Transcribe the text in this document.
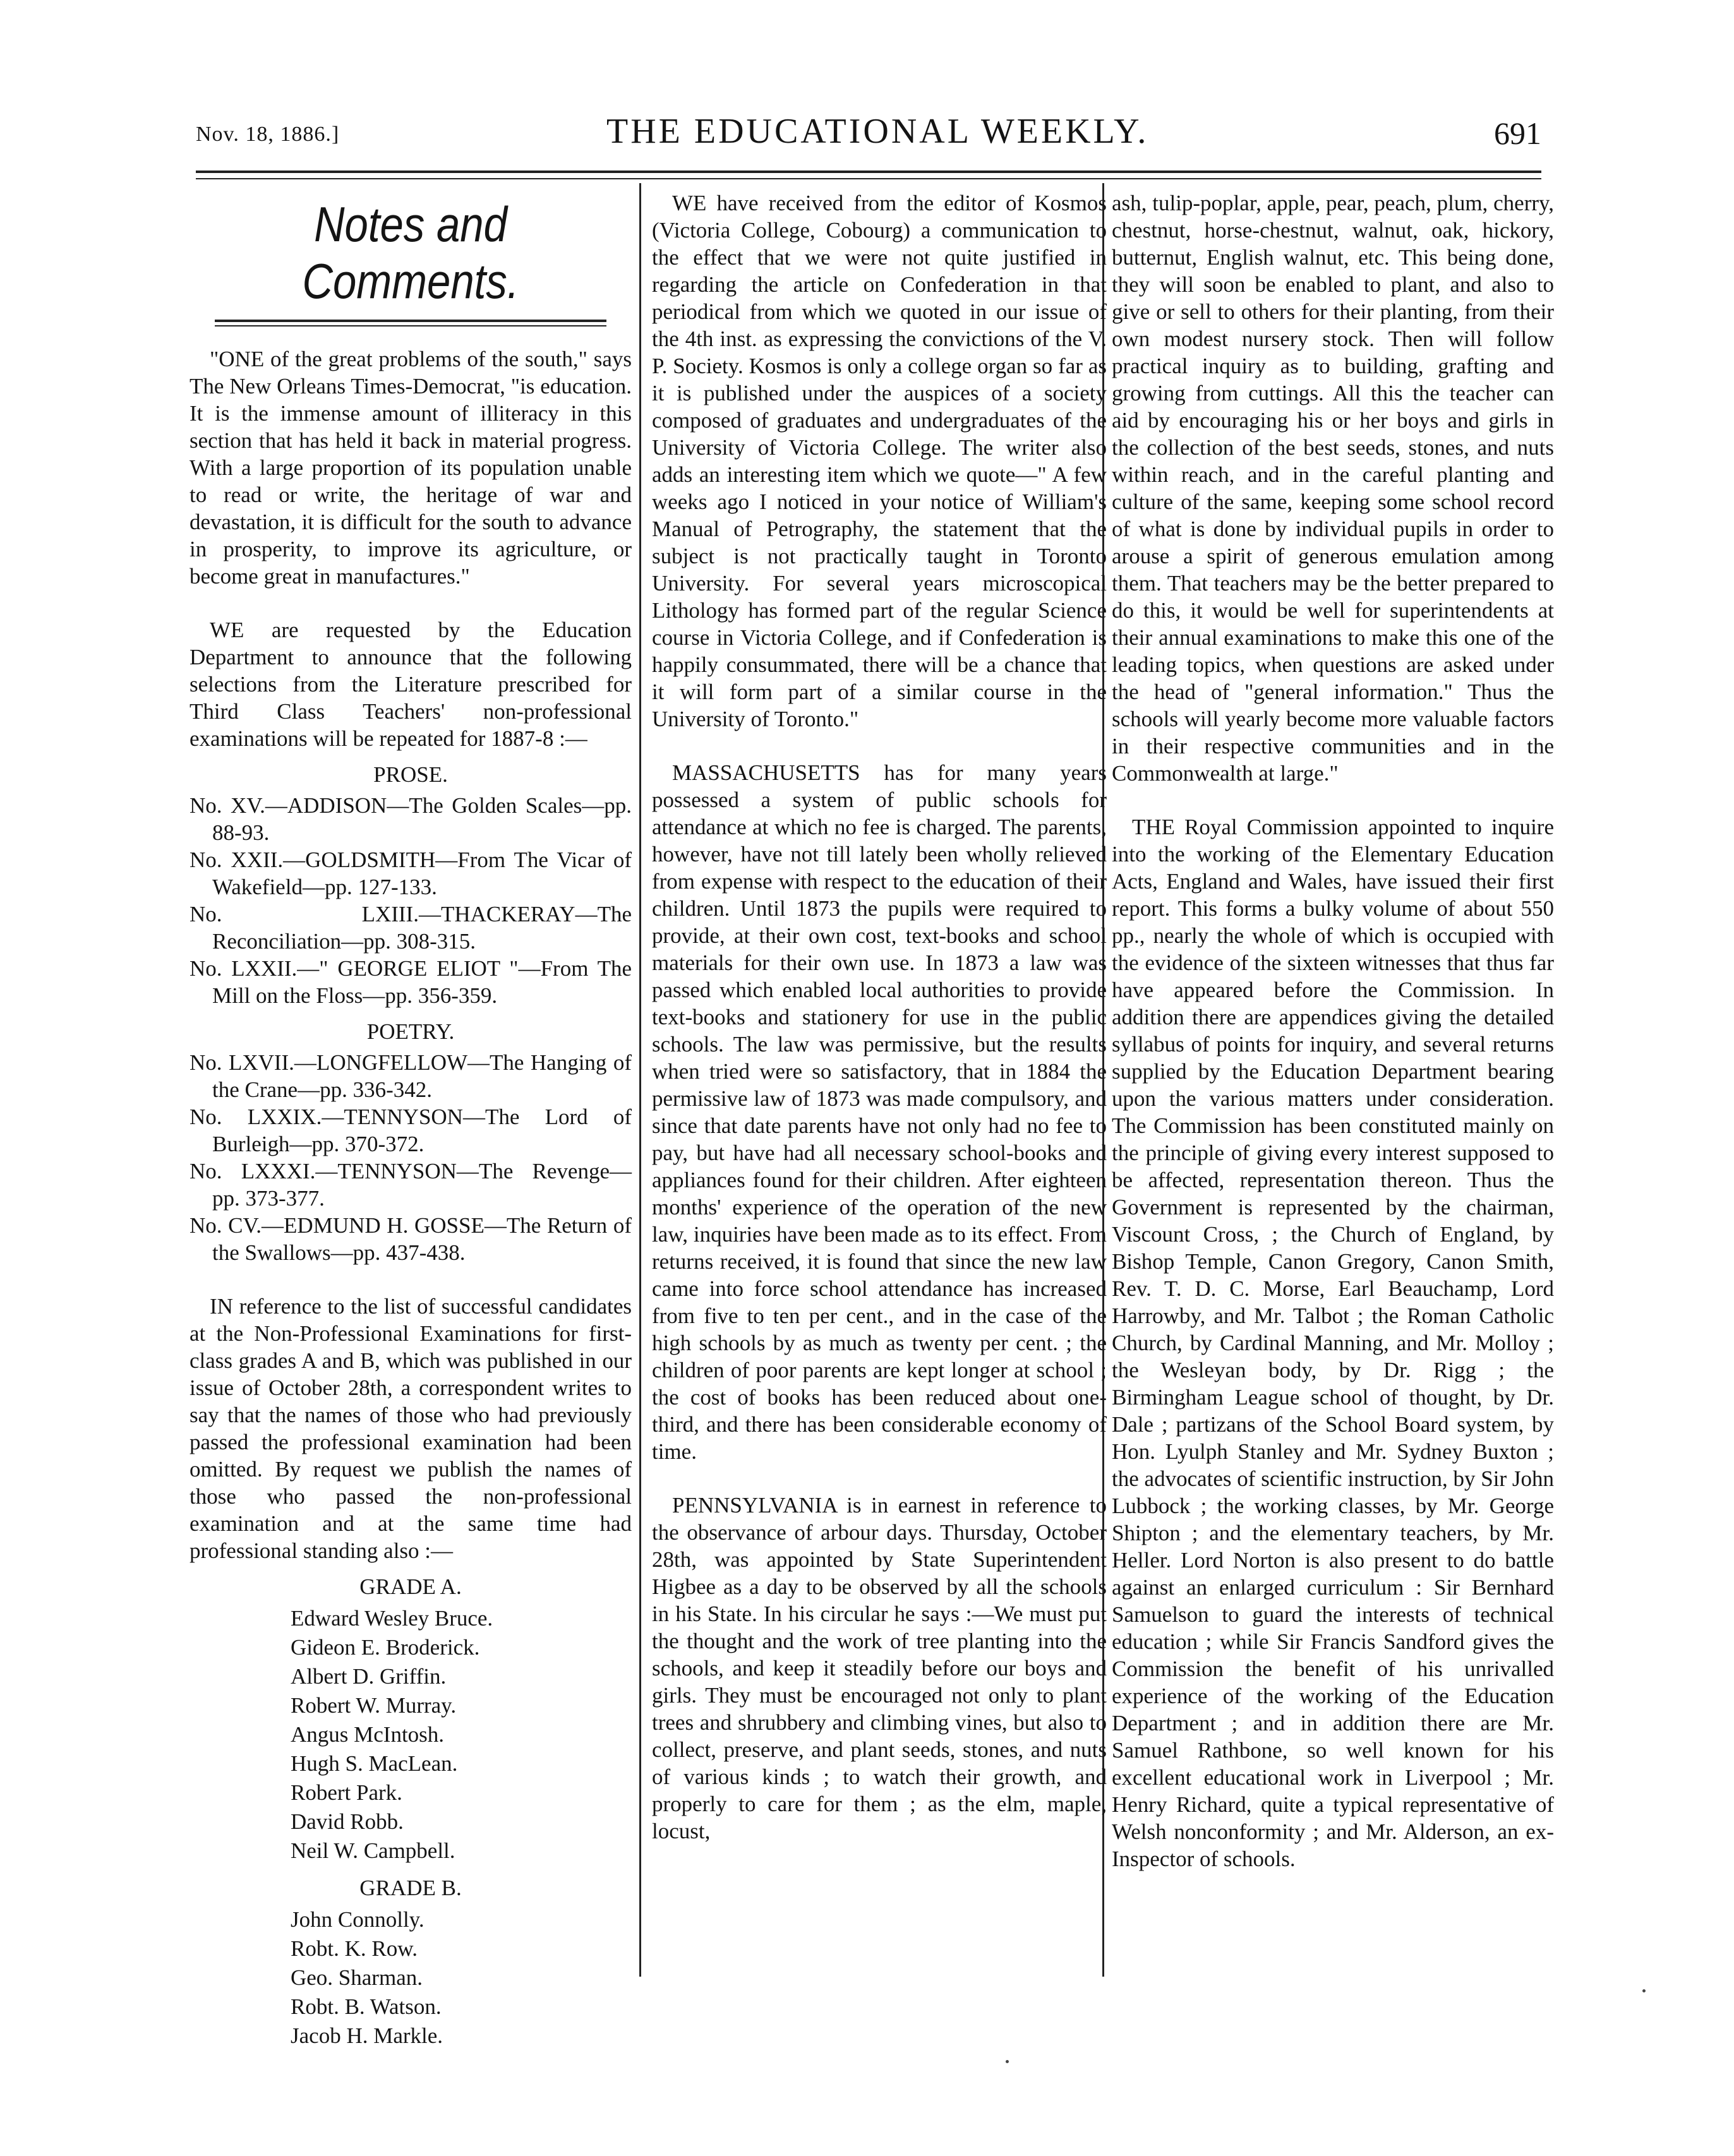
Nov. 18, 1886.]	THE EDUCATIONAL WEEKLY.	691
Notes and Comments.

"ONE of the great problems of the south," says The New Orleans Times-Democrat, "is education. It is the immense amount of illiteracy in this section that has held it back in material progress. With a large proportion of its population unable to read or write, the heritage of war and devastation, it is difficult for the south to advance in prosperity, to improve its agriculture, or become great in manufactures."

WE are requested by the Education Department to announce that the following selections from the Literature prescribed for Third Class Teachers' non-professional examinations will be repeated for 1887-8 :—

PROSE.
No. XV.—ADDISON—The Golden Scales—pp. 88-93.
No. XXII.—GOLDSMITH—From The Vicar of Wakefield—pp. 127-133.
No. LXIII.—THACKERAY—The Reconciliation—pp. 308-315.
No. LXXII.—" GEORGE ELIOT "—From The Mill on the Floss—pp. 356-359.
POETRY.
No. LXVII.—LONGFELLOW—The Hanging of the Crane—pp. 336-342.
No. LXXIX.—TENNYSON—The Lord of Burleigh—pp. 370-372.
No. LXXXI.—TENNYSON—The Revenge—pp. 373-377.
No. CV.—EDMUND H. GOSSE—The Return of the Swallows—pp. 437-438.

IN reference to the list of successful candidates at the Non-Professional Examinations for first-class grades A and B, which was published in our issue of October 28th, a correspondent writes to say that the names of those who had previously passed the professional examination had been omitted. By request we publish the names of those who passed the non-professional examination and at the same time had professional standing also :—

GRADE A.
Edward Wesley Bruce.
Gideon E. Broderick.
Albert D. Griffin.
Robert W. Murray.
Angus McIntosh.
Hugh S. MacLean.
Robert Park.
David Robb.
Neil W. Campbell.
GRADE B.
John Connolly.
Robt. K. Row.
Geo. Sharman.
Robt. B. Watson.
Jacob H. Markle.

WE have received from the editor of Kosmos (Victoria College, Cobourg) a communication to the effect that we were not quite justified in regarding the article on Confederation in that periodical from which we quoted in our issue of the 4th inst. as expressing the convictions of the V. P. Society. Kosmos is only a college organ so far as it is published under the auspices of a society composed of graduates and undergraduates of the University of Victoria College. The writer also adds an interesting item which we quote—" A few weeks ago I noticed in your notice of William's Manual of Petrography, the statement that the subject is not practically taught in Toronto University. For several years microscopical Lithology has formed part of the regular Science course in Victoria College, and if Confederation is happily consummated, there will be a chance that it will form part of a similar course in the University of Toronto."

MASSACHUSETTS has for many years possessed a system of public schools for attendance at which no fee is charged. The parents, however, have not till lately been wholly relieved from expense with respect to the education of their children. Until 1873 the pupils were required to provide, at their own cost, text-books and school materials for their own use. In 1873 a law was passed which enabled local authorities to provide text-books and stationery for use in the public schools. The law was permissive, but the results when tried were so satisfactory, that in 1884 the permissive law of 1873 was made compulsory, and since that date parents have not only had no fee to pay, but have had all necessary school-books and appliances found for their children. After eighteen months' experience of the operation of the new law, inquiries have been made as to its effect. From returns received, it is found that since the new law came into force school attendance has increased from five to ten per cent., and in the case of the high schools by as much as twenty per cent. ; the children of poor parents are kept longer at school ; the cost of books has been reduced about one-third, and there has been considerable economy of time.

PENNSYLVANIA is in earnest in reference to the observance of arbour days. Thursday, October 28th, was appointed by State Superintendent Higbee as a day to be observed by all the schools in his State. In his circular he says :—We must put the thought and the work of tree planting into the schools, and keep it steadily before our boys and girls. They must be encouraged not only to plant trees and shrubbery and climbing vines, but also to collect, preserve, and plant seeds, stones, and nuts of various kinds ; to watch their growth, and properly to care for them ; as the elm, maple, locust,

ash, tulip-poplar, apple, pear, peach, plum, cherry, chestnut, horse-chestnut, walnut, oak, hickory, butternut, English walnut, etc. This being done, they will soon be enabled to plant, and also to give or sell to others for their planting, from their own modest nursery stock. Then will follow practical inquiry as to building, grafting and growing from cuttings. All this the teacher can aid by encouraging his or her boys and girls in the collection of the best seeds, stones, and nuts within reach, and in the careful planting and culture of the same, keeping some school record of what is done by individual pupils in order to arouse a spirit of generous emulation among them. That teachers may be the better prepared to do this, it would be well for superintendents at their annual examinations to make this one of the leading topics, when questions are asked under the head of "general information." Thus the schools will yearly become more valuable factors in their respective communities and in the Commonwealth at large."

THE Royal Commission appointed to inquire into the working of the Elementary Education Acts, England and Wales, have issued their first report. This forms a bulky volume of about 550 pp., nearly the whole of which is occupied with the evidence of the sixteen witnesses that thus far have appeared before the Commission. In addition there are appendices giving the detailed syllabus of points for inquiry, and several returns supplied by the Education Department bearing upon the various matters under consideration. The Commission has been constituted mainly on the principle of giving every interest supposed to be affected, representation thereon. Thus the Government is represented by the chairman, Viscount Cross, ; the Church of England, by Bishop Temple, Canon Gregory, Canon Smith, Rev. T. D. C. Morse, Earl Beauchamp, Lord Harrowby, and Mr. Talbot ; the Roman Catholic Church, by Cardinal Manning, and Mr. Molloy ; the Wesleyan body, by Dr. Rigg ; the Birmingham League school of thought, by Dr. Dale ; partizans of the School Board system, by Hon. Lyulph Stanley and Mr. Sydney Buxton ; the advocates of scientific instruction, by Sir John Lubbock ; the working classes, by Mr. George Shipton ; and the elementary teachers, by Mr. Heller. Lord Norton is also present to do battle against an enlarged curriculum : Sir Bernhard Samuelson to guard the interests of technical education ; while Sir Francis Sandford gives the Commission the benefit of his unrivalled experience of the working of the Education Department ; and in addition there are Mr. Samuel Rathbone, so well known for his excellent educational work in Liverpool ; Mr. Henry Richard, quite a typical representative of Welsh nonconformity ; and Mr. Alderson, an ex-Inspector of schools.
